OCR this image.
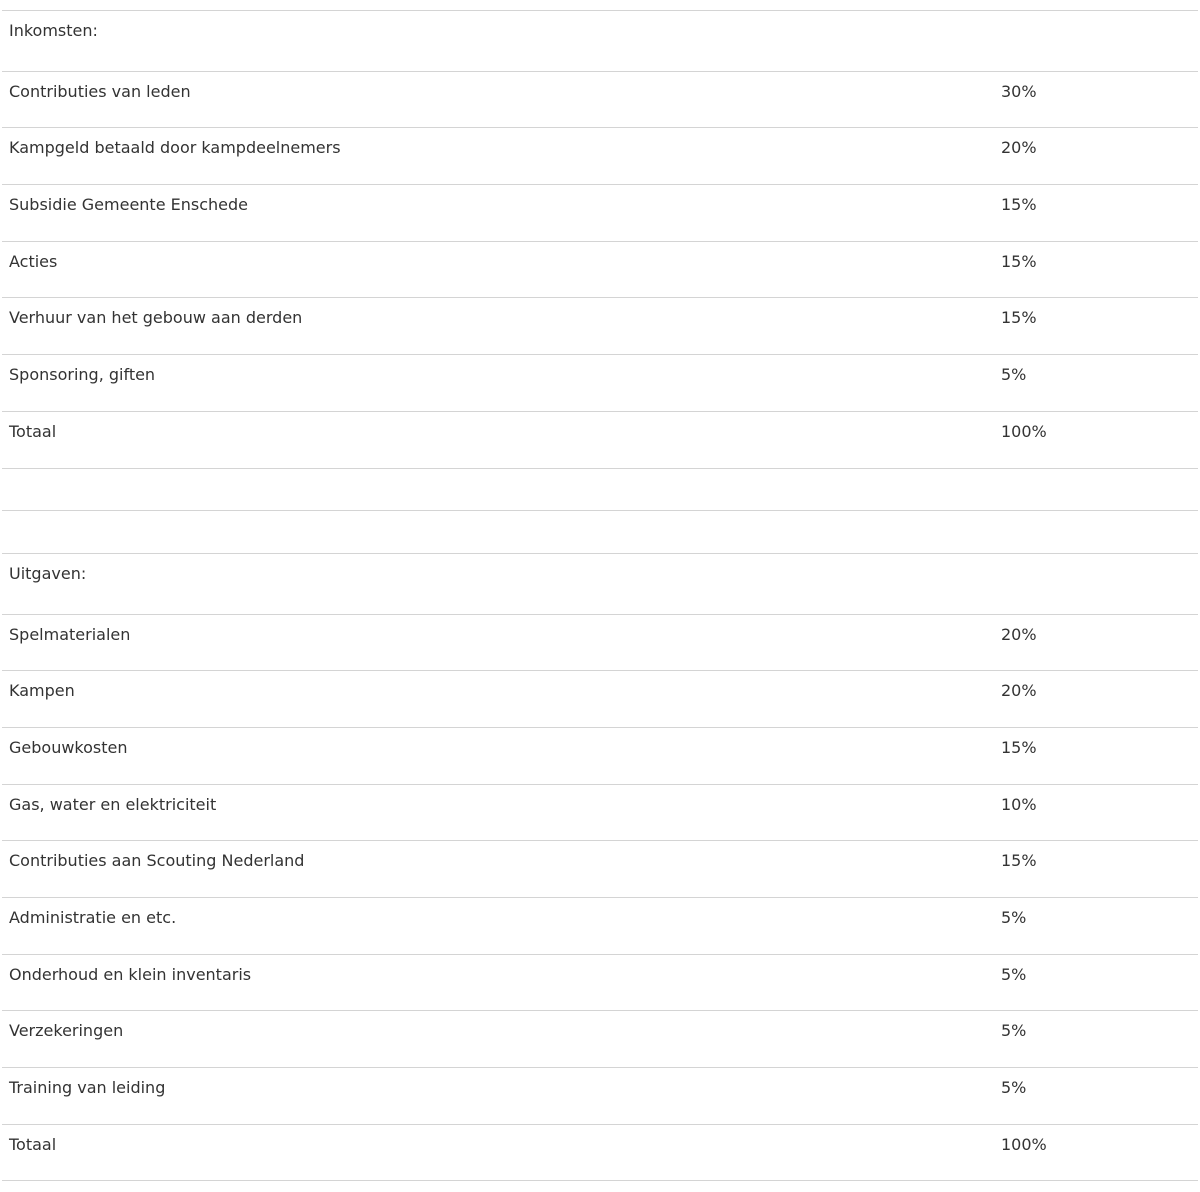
Inkomsten:
Contributies van leden	30%
Kampgeld betaald door kampdeelnemers	20%
Subsidie Gemeente Enschede	15%
Acties	15%
Verhuur van het gebouw aan derden	15%
Sponsoring, giften	5%
Totaal	100%
Uitgaven:
Spelmaterialen	20%
Kampen	20%
Gebouwkosten	15%
Gas, water en elektriciteit	10%
Contributies aan Scouting Nederland	15%
Administratie en etc.	5%
Onderhoud en klein inventaris	5%
Verzekeringen	5%
Training van leiding	5%
Totaal	100%
